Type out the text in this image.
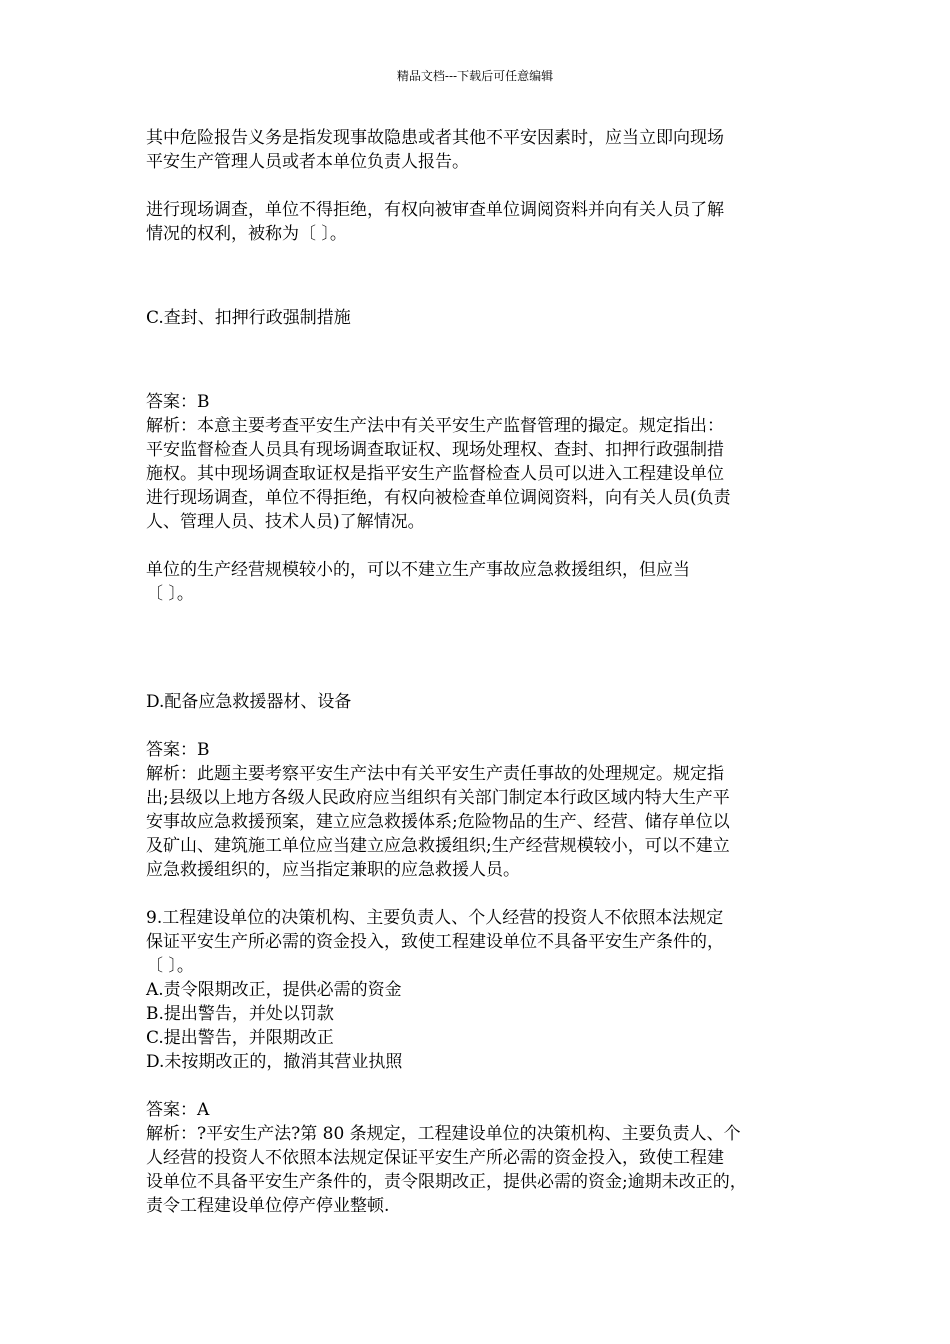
精品文档---下载后可任意编辑
其中危险报告义务是指发现事故隐患或者其他不平安因素时，应当立即向现场
平安生产管理人员或者本单位负责人报告。
进行现场调查，单位不得拒绝，有权向被审查单位调阅资料并向有关人员了解
情况的权利，被称为〔 〕。
C.查封、扣押行政强制措施
答案：B
解析：本意主要考查平安生产法中有关平安生产监督管理的撮定。规定指出：
平安监督检查人员具有现场调查取证权、现场处理权、查封、扣押行政强制措
施权。其中现场调查取证权是指平安生产监督检查人员可以进入工程建设单位
进行现场调查，单位不得拒绝，有权向被检查单位调阅资料，向有关人员(负责
人、管理人员、技术人员)了解情况。
单位的生产经营规模较小的，可以不建立生产事故应急救援组织，但应当
〔 〕。
D.配备应急救援器材、设备
答案：B
解析：此题主要考察平安生产法中有关平安生产责任事故的处理规定。规定指
出;县级以上地方各级人民政府应当组织有关部门制定本行政区域内特大生产平
安事故应急救援预案，建立应急救援体系;危险物品的生产、经营、储存单位以
及矿山、建筑施工单位应当建立应急救援组织;生产经营规模较小，可以不建立
应急救援组织的，应当指定兼职的应急救援人员。
9.工程建设单位的决策机构、主要负责人、个人经营的投资人不依照本法规定
保证平安生产所必需的资金投入，致使工程建设单位不具备平安生产条件的，
〔 〕。
A.责令限期改正，提供必需的资金
B.提出警告，并处以罚款
C.提出警告，并限期改正
D.未按期改正的，撤消其营业执照
答案：A
解析：?平安生产法?第 80 条规定，工程建设单位的决策机构、主要负责人、个
人经营的投资人不依照本法规定保证平安生产所必需的资金投入，致使工程建
设单位不具备平安生产条件的，责令限期改正，提供必需的资金;逾期未改正的，
责令工程建设单位停产停业整顿.
